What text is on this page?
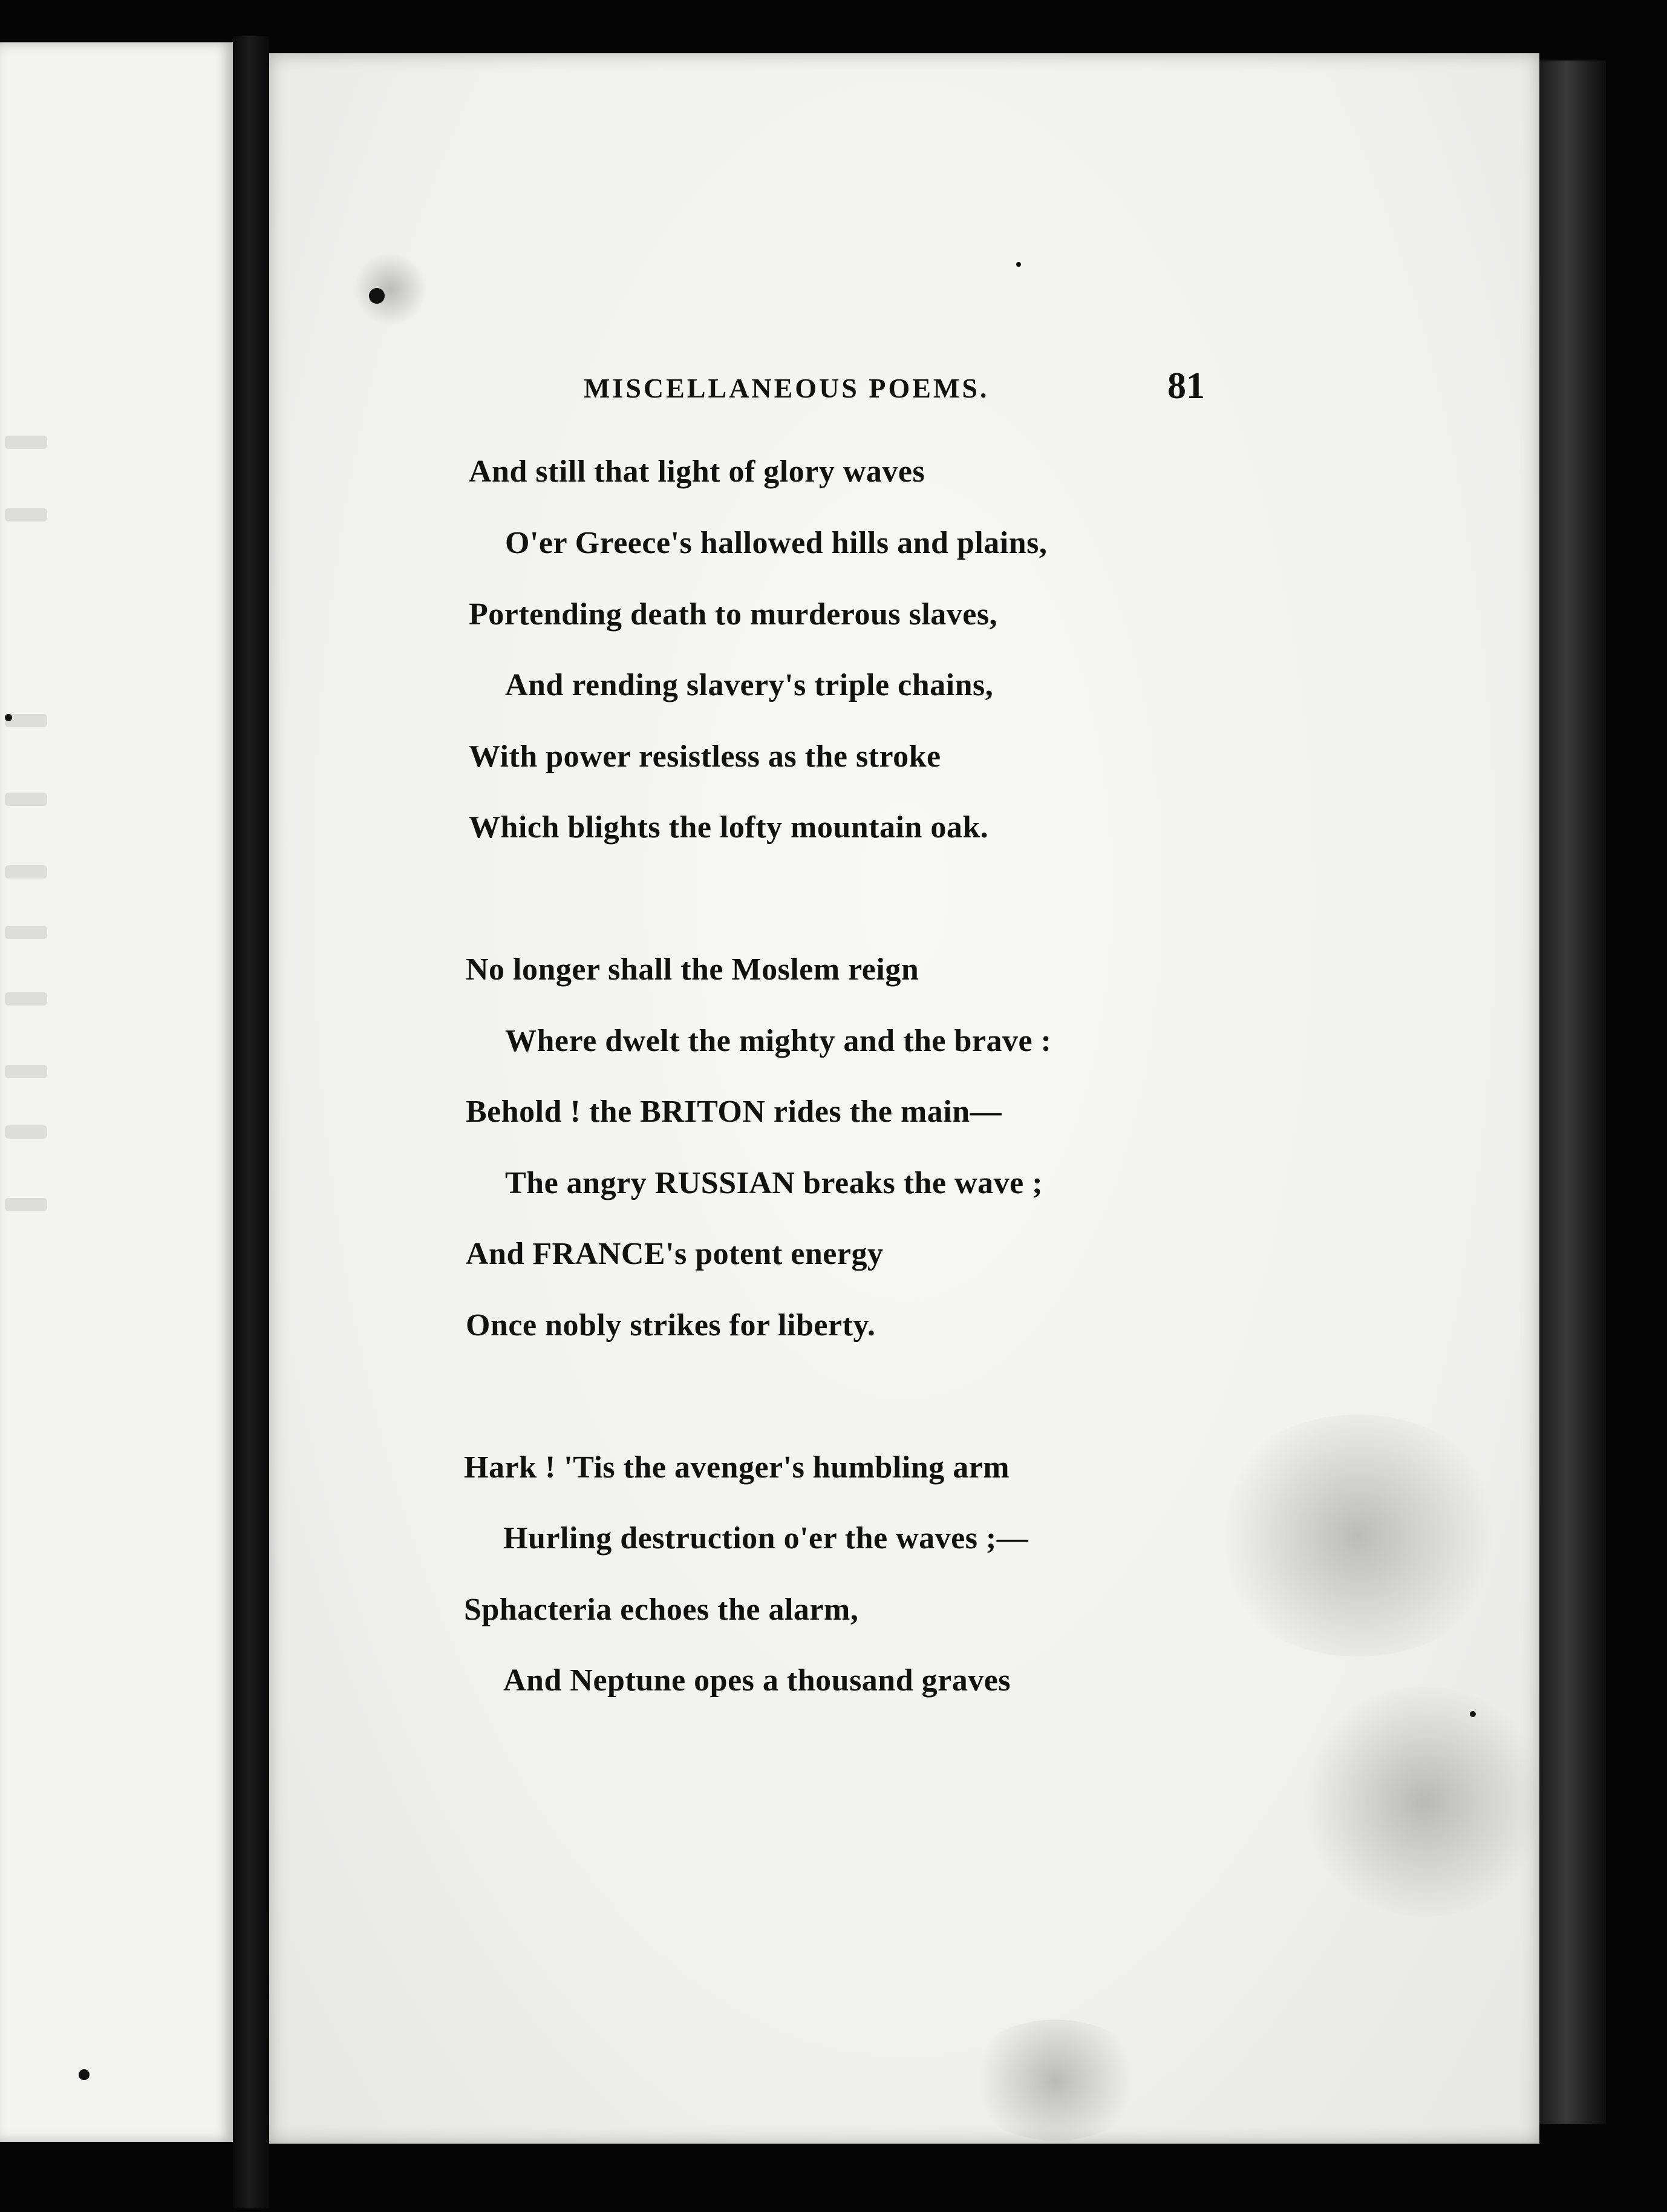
MISCELLANEOUS POEMS.	81
And still that light of glory waves
O'er Greece's hallowed hills and plains,
Portending death to murderous slaves,
And rending slavery's triple chains,
With power resistless as the stroke
Which blights the lofty mountain oak.
No longer shall the Moslem reign
Where dwelt the mighty and the brave :
Behold ! the BRITON rides the main—
The angry RUSSIAN breaks the wave ;
And FRANCE's potent energy
Once nobly strikes for liberty.
Hark ! 'Tis the avenger's humbling arm
Hurling destruction o'er the waves ;—
Sphacteria echoes the alarm,
And Neptune opes a thousand graves
